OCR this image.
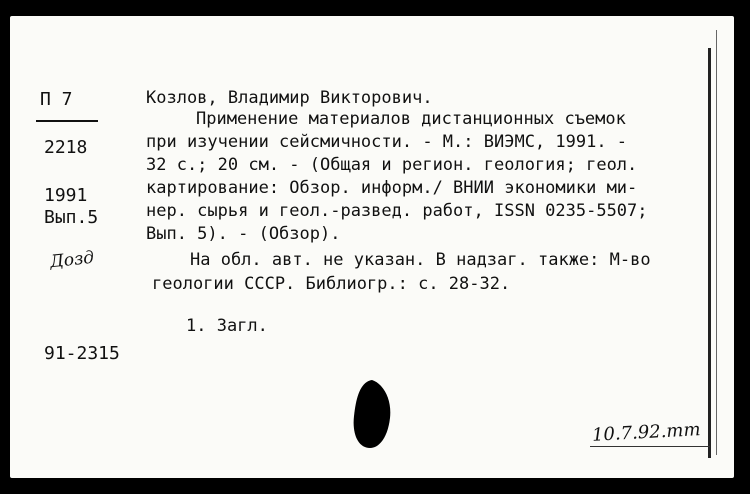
П 7
2218
1991
Вып.5
Дозд
91-2315
Козлов, Владимир Викторович.
Применение материалов дистанционных съемок
при изучении сейсмичности. - М.: ВИЭМС, 1991. -
32 с.; 20 см. - (Общая и регион. геология; геол.
картирование: Обзор. информ./ ВНИИ экономики ми-
нер. сырья и геол.-развед. работ, ISSN 0235-5507;
Вып. 5). - (Обзор).
На обл. авт. не указан. В надзаг. также: М-во
геологии СССР. Библиогр.: с. 28-32.
1. Загл.
10.7.92.тт
